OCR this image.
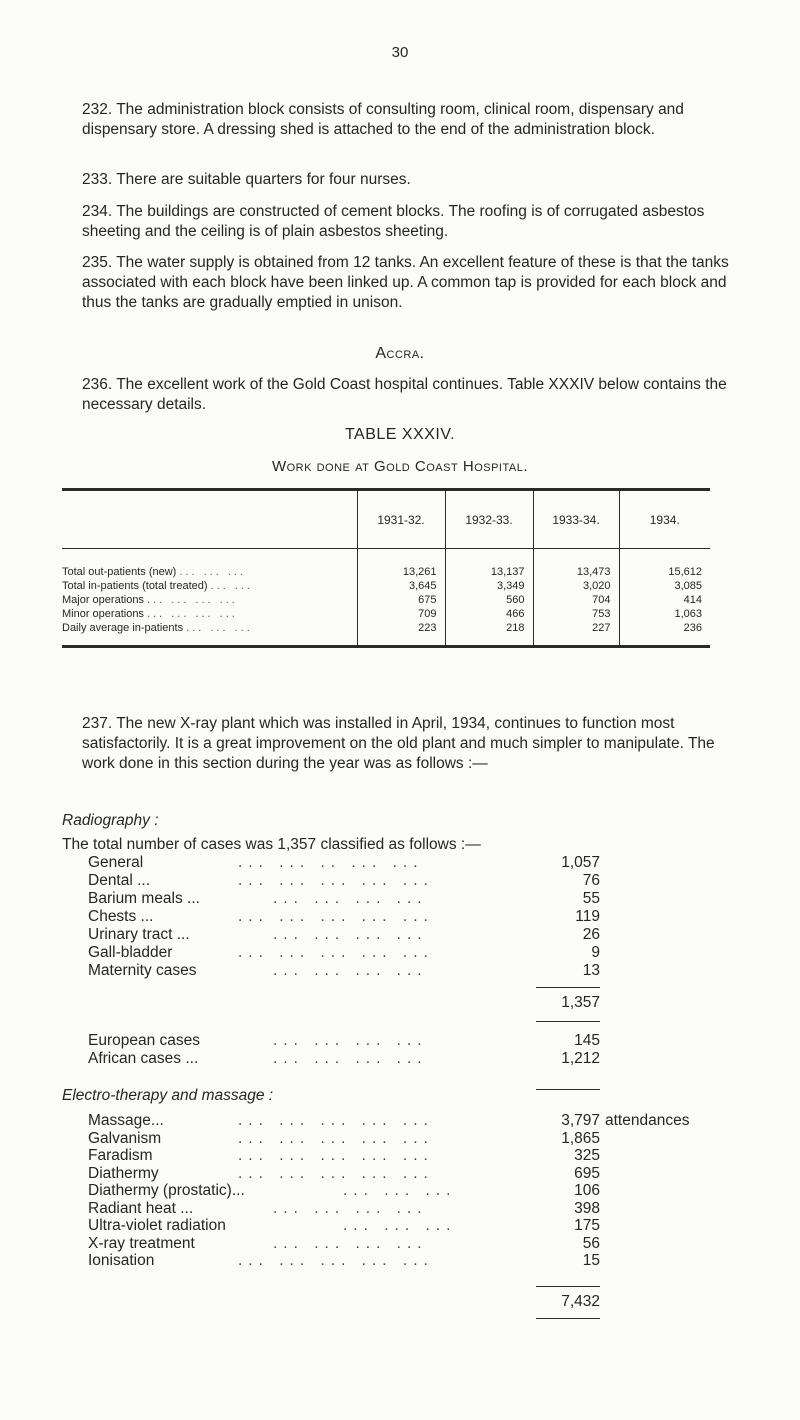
30
232. The administration block consists of consulting room, clinical room, dispensary and dispensary store. A dressing shed is attached to the end of the administration block.
233. There are suitable quarters for four nurses.
234. The buildings are constructed of cement blocks. The roofing is of corrugated asbestos sheeting and the ceiling is of plain asbestos sheeting.
235. The water supply is obtained from 12 tanks. An excellent feature of these is that the tanks associated with each block have been linked up. A common tap is provided for each block and thus the tanks are gradually emptied in unison.
Accra.
236. The excellent work of the Gold Coast hospital continues. Table XXXIV below contains the necessary details.
TABLE XXXIV.
Work done at Gold Coast Hospital.
	1931-32.	1932-33.	1933-34.	1934.

Total out-patients (new) ... ... ...	13,261	13,137	13,473	15,612
Total in-patients (total treated) ... ...	3,645	3,349	3,020	3,085
Major operations ... ... ... ...	675	560	704	414
Minor operations ... ... ... ...	709	466	753	1,063
Daily average in-patients ... ... ...	223	218	227	236

237. The new X-ray plant which was installed in April, 1934, continues to function most satisfactorily. It is a great improvement on the old plant and much simpler to manipulate. The work done in this section during the year was as follows :—
Radiography :
The total number of cases was 1,357 classified as follows :—
General	... ... .. ... ...	1,057
Dental ...	... ... ... ... ...	76
Barium meals ...	... ... ... ...	55
Chests ...	... ... ... ... ...	119
Urinary tract ...	... ... ... ...	26
Gall-bladder	... ... ... ... ...	9
Maternity cases	... ... ... ...	13
1,357
European cases	... ... ... ...	145
African cases ...	... ... ... ...	1,212
Electro-therapy and massage :
Massage...	... ... ... ... ...	3,797 attendances
Galvanism	... ... ... ... ...	1,865
Faradism	... ... ... ... ...	325
Diathermy	... ... ... ... ...	695
Diathermy (prostatic)...	... ... ...	106
Radiant heat ...	... ... ... ...	398
Ultra-violet radiation	... ... ...	175
X-ray treatment	... ... ... ...	56
Ionisation	... ... ... ... ...	15
7,432
